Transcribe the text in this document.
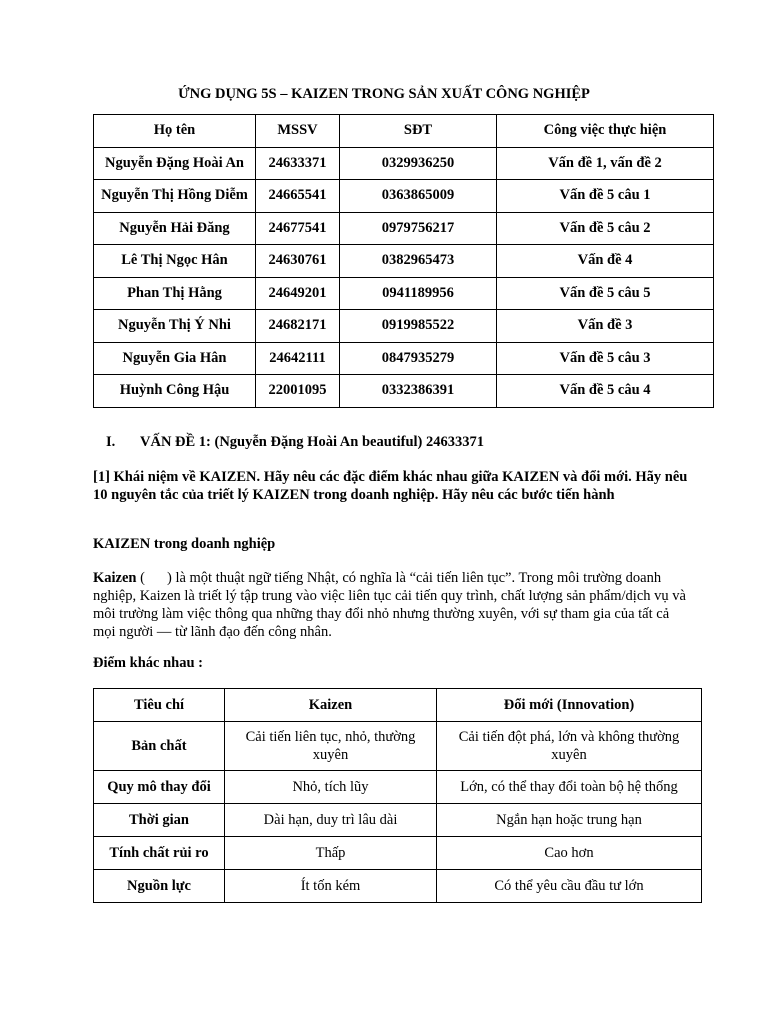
ỨNG DỤNG 5S – KAIZEN TRONG SẢN XUẤT CÔNG NGHIỆP
Họ tên	MSSV	SĐT	Công việc thực hiện
Nguyễn Đặng Hoài An	24633371	0329936250	Vấn đề 1, vấn đề 2
Nguyễn Thị Hồng Diễm	24665541	0363865009	Vấn đề 5 câu 1
Nguyễn Hải Đăng	24677541	0979756217	Vấn đề 5 câu 2
Lê Thị Ngọc Hân	24630761	0382965473	Vấn đề 4
Phan Thị Hằng	24649201	0941189956	Vấn đề 5 câu 5
Nguyễn Thị Ý Nhi	24682171	0919985522	Vấn đề 3
Nguyễn Gia Hân	24642111	0847935279	Vấn đề 5 câu 3
Huỳnh Công Hậu	22001095	0332386391	Vấn đề 5 câu 4
I. VẤN ĐỀ 1: (Nguyễn Đặng Hoài An beautiful) 24633371
[1] Khái niệm về KAIZEN. Hãy nêu các đặc điểm khác nhau giữa KAIZEN và đổi mới. Hãy nêu 10 nguyên tắc của triết lý KAIZEN trong doanh nghiệp. Hãy nêu các bước tiến hành
KAIZEN trong doanh nghiệp
Kaizen ( ) là một thuật ngữ tiếng Nhật, có nghĩa là “cải tiến liên tục”. Trong môi trường doanh nghiệp, Kaizen là triết lý tập trung vào việc liên tục cải tiến quy trình, chất lượng sản phẩm/dịch vụ và môi trường làm việc thông qua những thay đổi nhỏ nhưng thường xuyên, với sự tham gia của tất cả mọi người — từ lãnh đạo đến công nhân.
Điểm khác nhau :
Tiêu chí	Kaizen	Đổi mới (Innovation)
Bản chất	Cải tiến liên tục, nhỏ, thường xuyên	Cải tiến đột phá, lớn và không thường xuyên
Quy mô thay đổi	Nhỏ, tích lũy	Lớn, có thể thay đổi toàn bộ hệ thống
Thời gian	Dài hạn, duy trì lâu dài	Ngắn hạn hoặc trung hạn
Tính chất rủi ro	Thấp	Cao hơn
Nguồn lực	Ít tốn kém	Có thể yêu cầu đầu tư lớn
